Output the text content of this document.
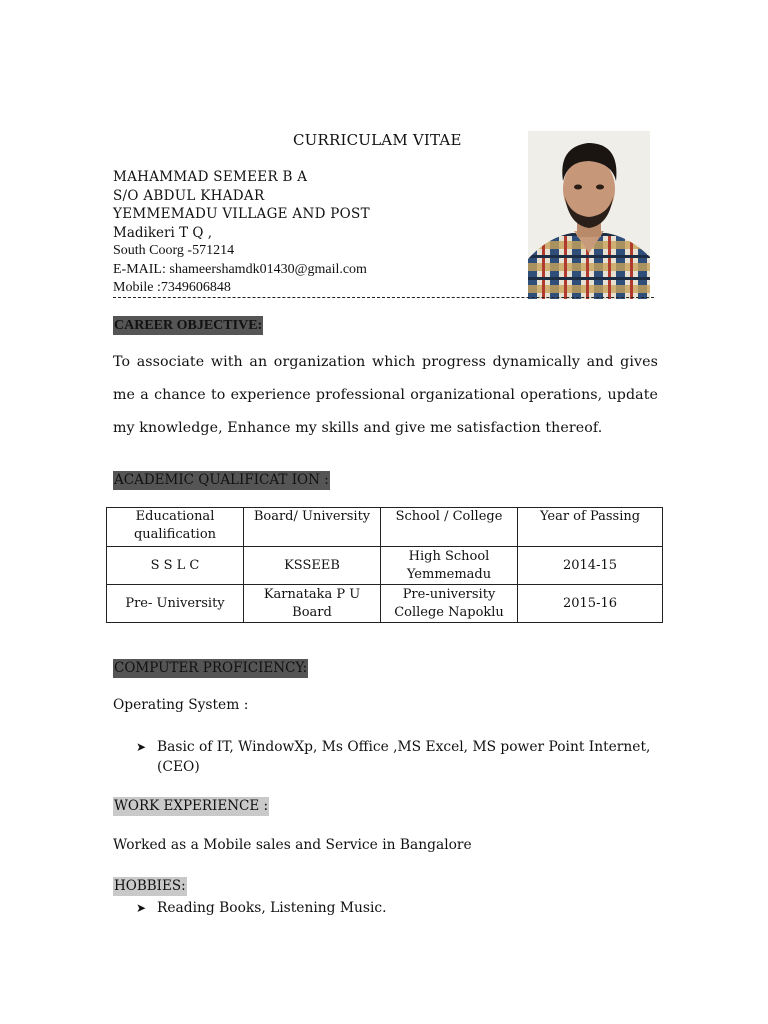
CURRICULAM VITAE
MAHAMMAD SEMEER B A
S/O ABDUL KHADAR
YEMMEMADU VILLAGE AND POST
Madikeri T Q ,
South Coorg -571214
E-MAIL: shameershamdk01430@gmail.com
Mobile :7349606848
CAREER OBJECTIVE:
To associate with an organization which progress dynamically and gives me a chance to experience professional organizational operations, update my knowledge, Enhance my skills and give me satisfaction thereof.
ACADEMIC QUALIFICAT ION :
Educational qualification	Board/ University	School / College	Year of Passing
S S L C	KSSEEB	High School Yemmemadu	2014-15
Pre- University	Karnataka P U Board	Pre-university College Napoklu	2015-16
COMPUTER PROFICIENCY:
Operating System :
➤ Basic of IT, WindowXp, Ms Office ,MS Excel, MS power Point Internet, (CEO)
WORK EXPERIENCE :
Worked as a Mobile sales and Service in Bangalore
HOBBIES:
➤ Reading Books, Listening Music.
